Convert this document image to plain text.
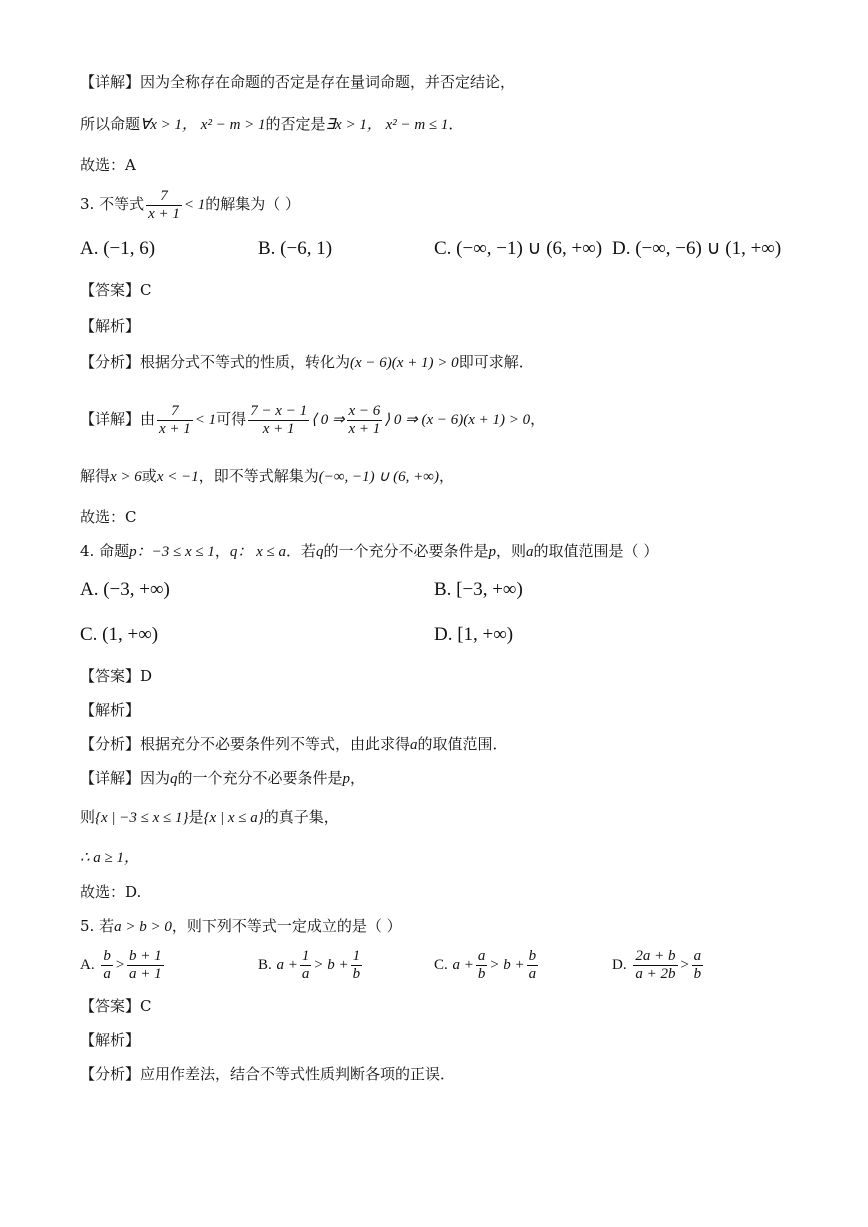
【详解】因为全称存在命题的否定是存在量词命题，并否定结论，
所以命题∀x > 1， x² − m > 1的否定是∃x > 1， x² − m ≤ 1．
故选：A
3. 不等式 $\frac{7}{x + 1} < 1$的解集为（ ）
A. (−1, 6)	B. (−6, 1)	C. (−∞, −1) ∪ (6, +∞) D. (−∞, −6) ∪ (1, +∞)
【答案】C
【解析】
【分析】根据分式不等式的性质，转化为(x − 6)(x + 1) > 0即可求解．
【详解】由 $\frac{7}{x + 1} < 1$可得 $\frac{7 - x - 1}{x + 1}$ ⟨ 0 ⇒ $\frac{x - 6}{x + 1}$ ⟩ 0 ⇒ (x − 6)(x + 1) > 0，
解得x > 6或x < −1，即不等式解集为(−∞, −1) ∪ (6, +∞)，
故选：C
4. 命题p：−3 ≤ x ≤ 1，q： x ≤ a．若q的一个充分不必要条件是p，则a的取值范围是（ ）
A. (−3, +∞)	B. [−3, +∞)
C. (1, +∞)	D. [1, +∞)
【答案】D
【解析】
【分析】根据充分不必要条件列不等式，由此求得a的取值范围．
【详解】因为q的一个充分不必要条件是p，
则{x | −3 ≤ x ≤ 1}是{x | x ≤ a}的真子集，
∴ a ≥ 1，
故选：D.
5. 若a > b > 0，则下列不等式一定成立的是（ ）
A. $\frac{b}{a} > \frac{b + 1}{a + 1}$	B. $a + \frac{1}{a} > b + \frac{1}{b}$	C. $a + \frac{a}{b} > b + \frac{b}{a}$	D. $\frac{2a + b}{a + 2b} > \frac{a}{b}$
【答案】C
【解析】
【分析】应用作差法，结合不等式性质判断各项的正误．
